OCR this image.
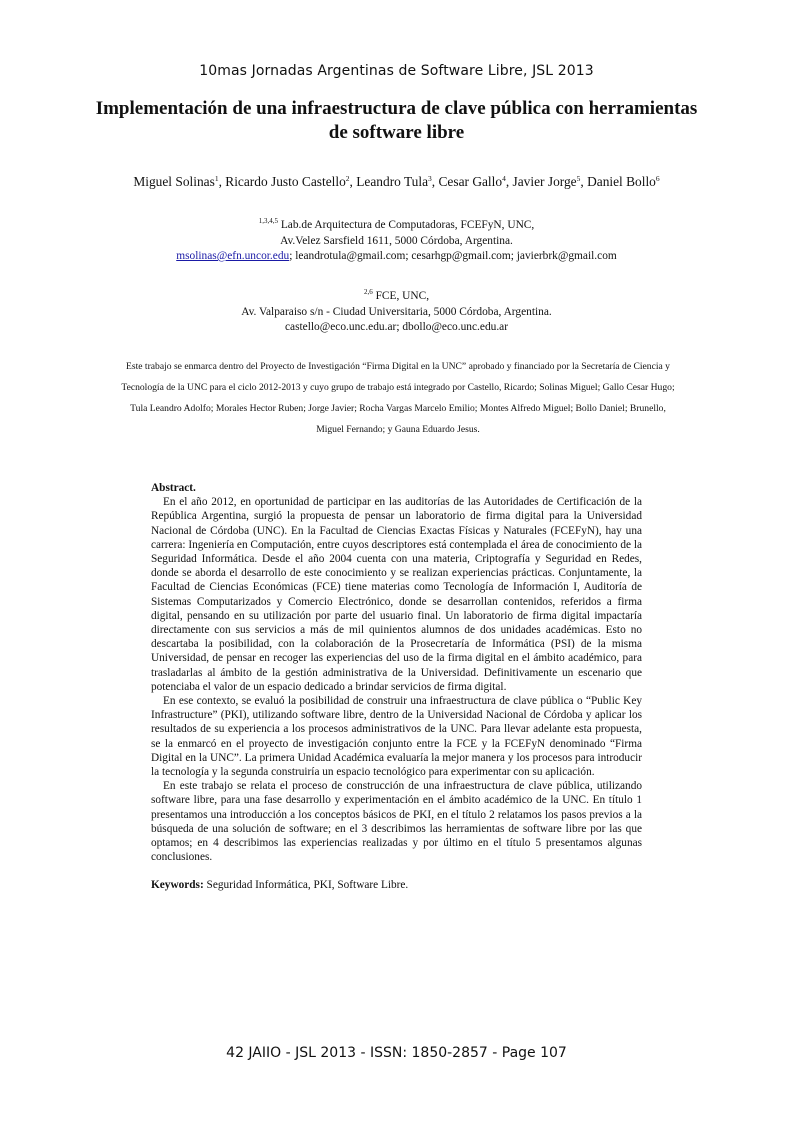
10mas Jornadas Argentinas de Software Libre, JSL 2013
Implementación de una infraestructura de clave pública con herramientas de software libre
Miguel Solinas$^1$, Ricardo Justo Castello$^2$, Leandro Tula$^3$, Cesar Gallo$^4$, Javier Jorge$^5$, Daniel Bollo$^6$
$^{1,3,4,5}$ Lab.de Arquitectura de Computadoras, FCEFyN, UNC,
Av.Velez Sarsfield 1611, 5000 Córdoba, Argentina.
msolinas@efn.uncor.edu; leandrotula@gmail.com; cesarhgp@gmail.com; javierbrk@gmail.com
$^{2,6}$ FCE, UNC,
Av. Valparaiso s/n - Ciudad Universitaria, 5000 Córdoba, Argentina.
castello@eco.unc.edu.ar; dbollo@eco.unc.edu.ar
Este trabajo se enmarca dentro del Proyecto de Investigación “Firma Digital en la UNC” aprobado y financiado por la Secretaría de Ciencia y Tecnología de la UNC para el ciclo 2012-2013 y cuyo grupo de trabajo está integrado por Castello, Ricardo; Solinas Miguel; Gallo Cesar Hugo; Tula Leandro Adolfo; Morales Hector Ruben; Jorge Javier; Rocha Vargas Marcelo Emilio; Montes Alfredo Miguel; Bollo Daniel; Brunello, Miguel Fernando; y Gauna Eduardo Jesus.
Abstract.

En el año 2012, en oportunidad de participar en las auditorías de las Autoridades de Certificación de la República Argentina, surgió la propuesta de pensar un laboratorio de firma digital para la Universidad Nacional de Córdoba (UNC). En la Facultad de Ciencias Exactas Físicas y Naturales (FCEFyN), hay una carrera: Ingeniería en Computación, entre cuyos descriptores está contemplada el área de conocimiento de la Seguridad Informática. Desde el año 2004 cuenta con una materia, Criptografía y Seguridad en Redes, donde se aborda el desarrollo de este conocimiento y se realizan experiencias prácticas. Conjuntamente, la Facultad de Ciencias Económicas (FCE) tiene materias como Tecnología de Información I, Auditoría de Sistemas Computarizados y Comercio Electrónico, donde se desarrollan contenidos, referidos a firma digital, pensando en su utilización por parte del usuario final. Un laboratorio de firma digital impactaría directamente con sus servicios a más de mil quinientos alumnos de dos unidades académicas. Esto no descartaba la posibilidad, con la colaboración de la Prosecretaría de Informática (PSI) de la misma Universidad, de pensar en recoger las experiencias del uso de la firma digital en el ámbito académico, para trasladarlas al ámbito de la gestión administrativa de la Universidad. Definitivamente un escenario que potenciaba el valor de un espacio dedicado a brindar servicios de firma digital.

En ese contexto, se evaluó la posibilidad de construir una infraestructura de clave pública o “Public Key Infrastructure” (PKI), utilizando software libre, dentro de la Universidad Nacional de Córdoba y aplicar los resultados de su experiencia a los procesos administrativos de la UNC. Para llevar adelante esta propuesta, se la enmarcó en el proyecto de investigación conjunto entre la FCE y la FCEFyN denominado “Firma Digital en la UNC”. La primera Unidad Académica evaluaría la mejor manera y los procesos para introducir la tecnología y la segunda construiría un espacio tecnológico para experimentar con su aplicación.

En este trabajo se relata el proceso de construcción de una infraestructura de clave pública, utilizando software libre, para una fase desarrollo y experimentación en el ámbito académico de la UNC. En título 1 presentamos una introducción a los conceptos básicos de PKI, en el título 2 relatamos los pasos previos a la búsqueda de una solución de software; en el 3 describimos las herramientas de software libre por las que optamos; en 4 describimos las experiencias realizadas y por último en el título 5 presentamos algunas conclusiones.

Keywords: Seguridad Informática, PKI, Software Libre.
42 JAIIO - JSL 2013 - ISSN: 1850-2857 - Page 107
